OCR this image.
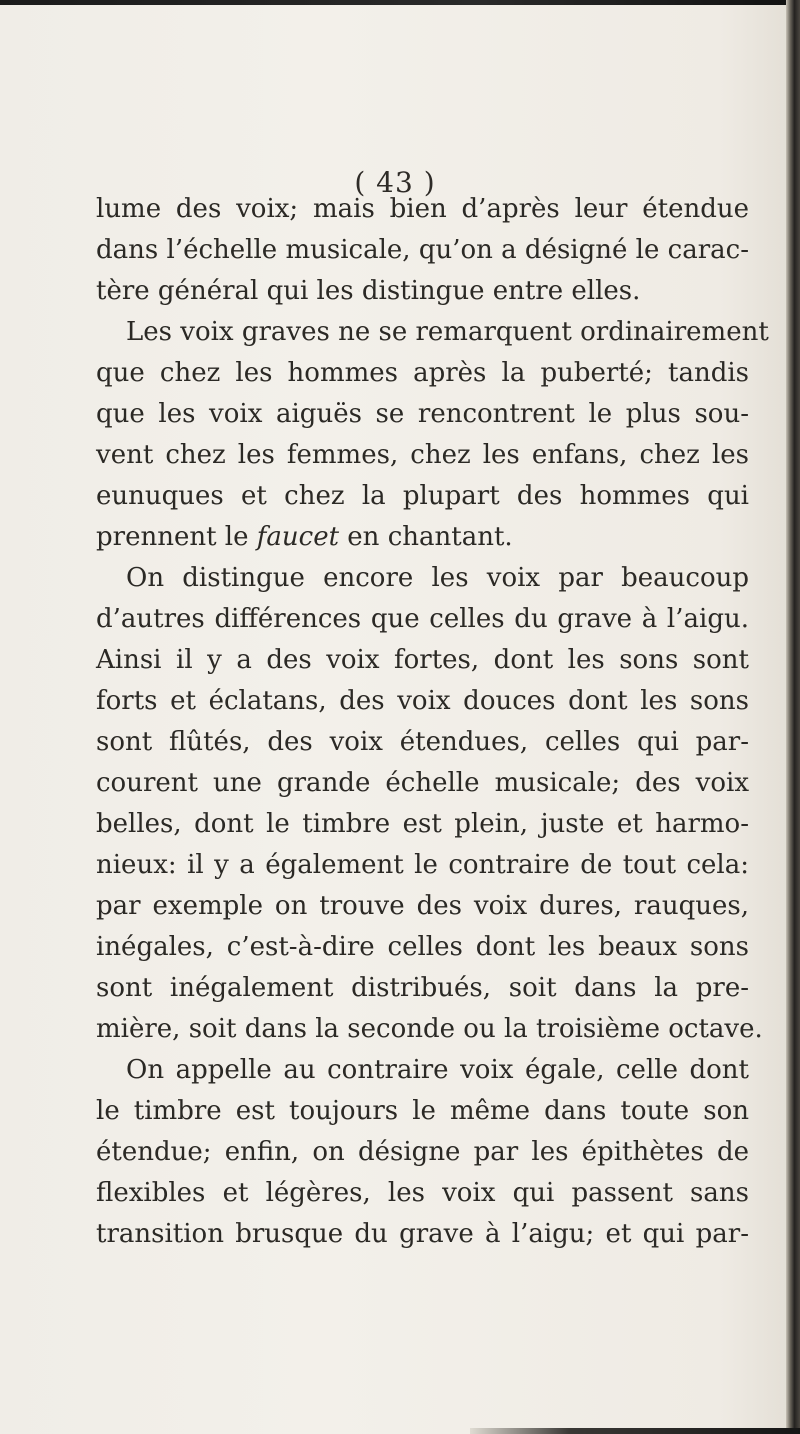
( 43 )
lume des voix; mais bien d’après leur étendue
dans l’échelle musicale, qu’on a désigné le carac-
tère général qui les distingue entre elles.
Les voix graves ne se remarquent ordinairement
que chez les hommes après la puberté; tandis
que les voix aiguës se rencontrent le plus sou-
vent chez les femmes, chez les enfans, chez les
eunuques et chez la plupart des hommes qui
prennent le faucet en chantant.
On distingue encore les voix par beaucoup
d’autres différences que celles du grave à l’aigu.
Ainsi il y a des voix fortes, dont les sons sont
forts et éclatans, des voix douces dont les sons
sont flûtés, des voix étendues, celles qui par-
courent une grande échelle musicale; des voix
belles, dont le timbre est plein, juste et harmo-
nieux: il y a également le contraire de tout cela:
par exemple on trouve des voix dures, rauques,
inégales, c’est-à-dire celles dont les beaux sons
sont inégalement distribués, soit dans la pre-
mière, soit dans la seconde ou la troisième octave.
On appelle au contraire voix égale, celle dont
le timbre est toujours le même dans toute son
étendue; enfin, on désigne par les épithètes de
flexibles et légères, les voix qui passent sans
transition brusque du grave à l’aigu; et qui par-
